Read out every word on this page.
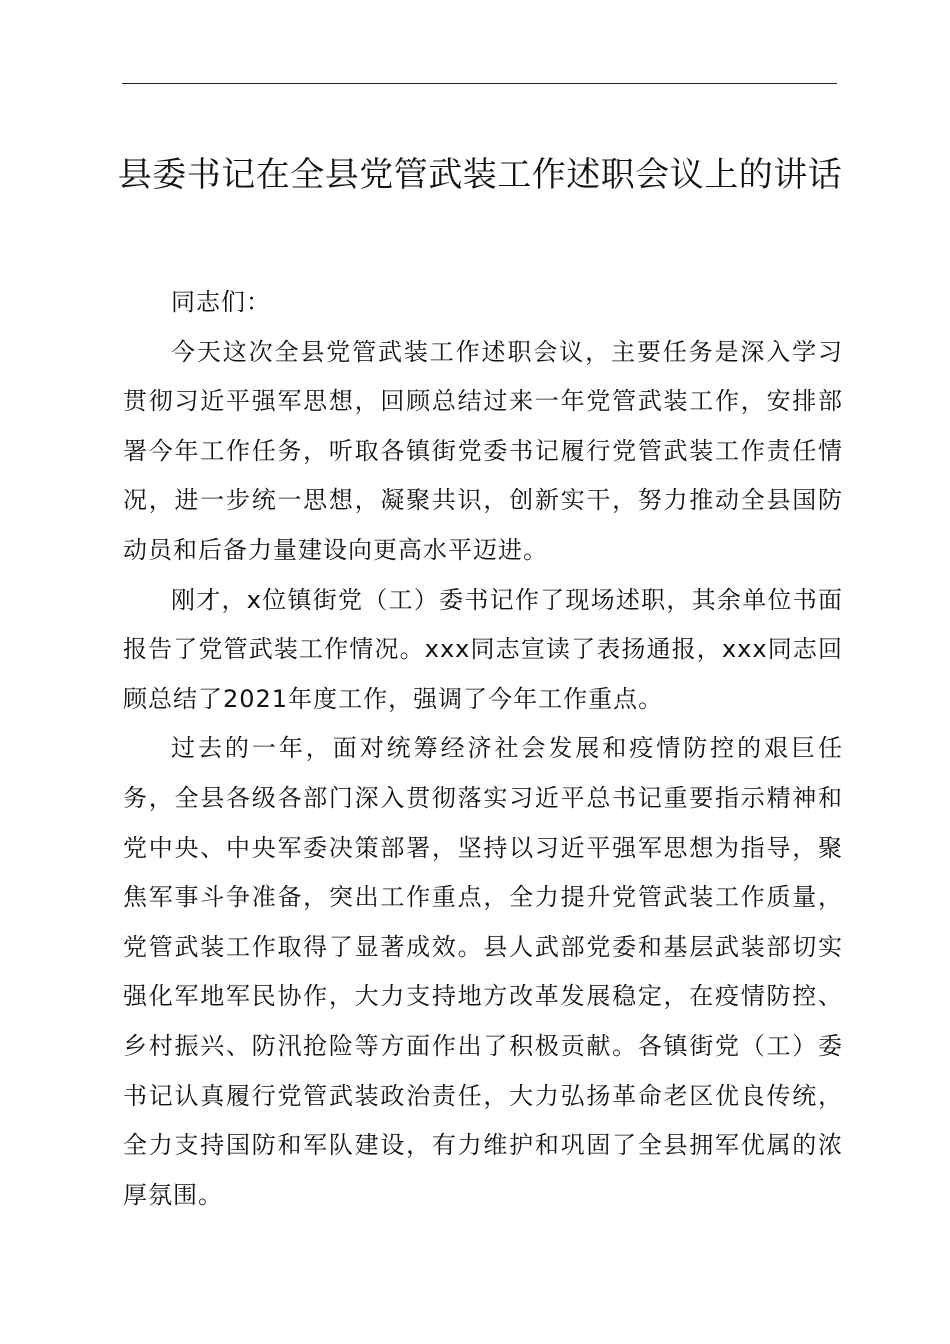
县委书记在全县党管武装工作述职会议上的讲话

同志们：

今天这次全县党管武装工作述职会议，主要任务是深入学习贯彻习近平强军思想，回顾总结过来一年党管武装工作，安排部署今年工作任务，听取各镇街党委书记履行党管武装工作责任情况，进一步统一思想，凝聚共识，创新实干，努力推动全县国防动员和后备力量建设向更高水平迈进。

刚才，x位镇街党（工）委书记作了现场述职，其余单位书面报告了党管武装工作情况。xxx同志宣读了表扬通报，xxx同志回顾总结了2021年度工作，强调了今年工作重点。

过去的一年，面对统筹经济社会发展和疫情防控的艰巨任务，全县各级各部门深入贯彻落实习近平总书记重要指示精神和党中央、中央军委决策部署，坚持以习近平强军思想为指导，聚焦军事斗争准备，突出工作重点，全力提升党管武装工作质量，党管武装工作取得了显著成效。县人武部党委和基层武装部切实强化军地军民协作，大力支持地方改革发展稳定，在疫情防控、乡村振兴、防汛抢险等方面作出了积极贡献。各镇街党（工）委书记认真履行党管武装政治责任，大力弘扬革命老区优良传统，全力支持国防和军队建设，有力维护和巩固了全县拥军优属的浓厚氛围。
